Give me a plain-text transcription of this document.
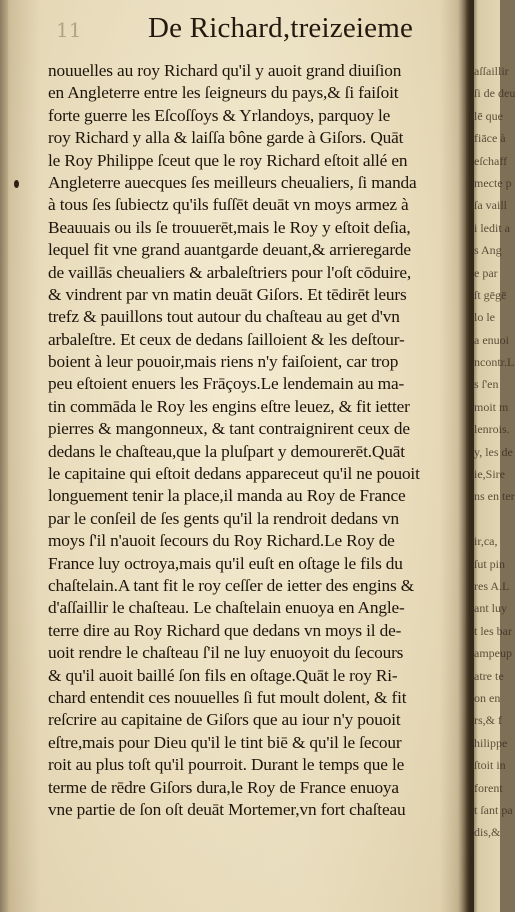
11 De Richard,treizeieme
nouuelles au roy Richard qu'il y auoit grand diuiſion
en Angleterre entre les ſeigneurs du pays,& ſi faiſoit
forte guerre les Eſcoſſoys & Yrlandoys, parquoy le
roy Richard y alla & laiſſa bône garde à Giſors. Quāt
le Roy Philippe ſceut que le roy Richard eſtoit allé en
Angleterre auecques ſes meilleurs cheualiers, ſi manda
à tous ſes ſubiectz qu'ils fuſſēt deuāt vn moys armez à
Beauuais ou ils ſe trouuerēt,mais le Roy y eſtoit deſia,
lequel fit vne grand auantgarde deuant,& arrieregarde
de vaillās cheualiers & arbaleſtriers pour l'oſt cōduire,
& vindrent par vn matin deuāt Giſors. Et tēdirēt leurs
trefz & pauillons tout autour du chaſteau au get d'vn
arbaleſtre. Et ceux de dedans ſailloient & les deſtour-
boient à leur pouoir,mais riens n'y faiſoient, car trop
peu eſtoient enuers les Frāçoys.Le lendemain au ma-
tin commāda le Roy les engins eſtre leuez, & fit ietter
pierres & mangonneux, & tant contraignirent ceux de
dedans le chaſteau,que la pluſpart y demourerēt.Quāt
le capitaine qui eſtoit dedans appareceut qu'il ne pouoit
longuement tenir la place,il manda au Roy de France
par le conſeil de ſes gents qu'il la rendroit dedans vn
moys ſ'il n'auoit ſecours du Roy Richard.Le Roy de
France luy octroya,mais qu'il euſt en oſtage le fils du
chaſtelain.A tant fit le roy ceſſer de ietter des engins &
d'aſſaillir le chaſteau. Le chaſtelain enuoya en Angle-
terre dire au Roy Richard que dedans vn moys il de-
uoit rendre le chaſteau ſ'il ne luy enuoyoit du ſecours
& qu'il auoit baillé ſon fils en oſtage.Quāt le roy Ri-
chard entendit ces nouuelles ſi fut moult dolent, & fit
reſcrire au capitaine de Giſors que au iour n'y pouoit
eſtre,mais pour Dieu qu'il le tint biē & qu'il le ſecour
roit au plus toſt qu'il pourroit. Durant le temps que le
terme de rēdre Giſors dura,le Roy de France enuoya
vne partie de ſon oſt deuāt Mortemer,vn fort chaſteau
aſſaillir
ſi de deu
lē que
fiāce à
eſchaff
mecte p
ſa vaill
i ledit a
s Ang
e par
ſt gēgē
lo le
a enuoi
ncontr.L
s ſ'en
moit m
lenrois.
y, les de
ie,Sire
ns en ter
ir,ca,
ſut pin
res A.L
ant luy
t les bar
ampeup
atre te
on en
rs,& f
hilippe
ſtoit in
forent
t ſant pa
dis,&
